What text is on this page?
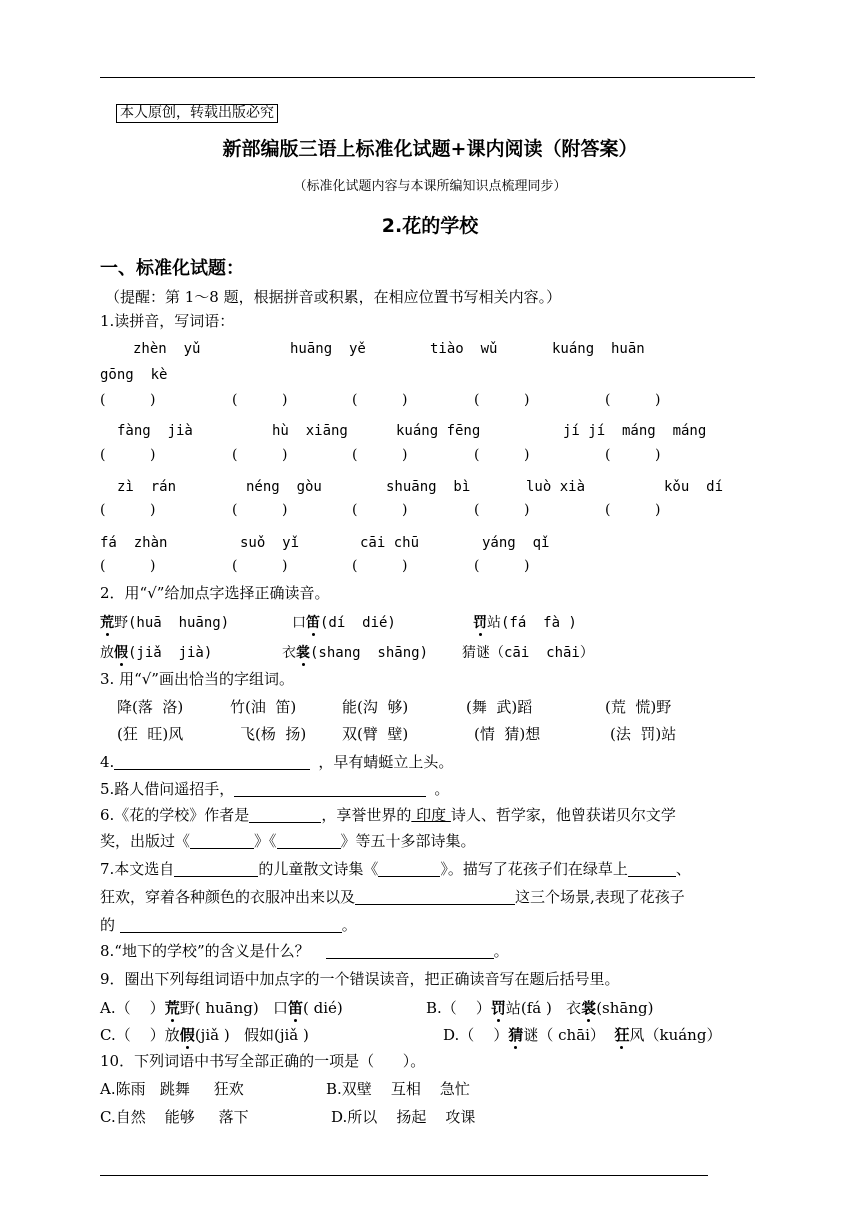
本人原创，转载出版必究
新部编版三语上标准化试题+课内阅读（附答案）
（标准化试题内容与本课所编知识点梳理同步）
2.花的学校
一、标准化试题：
（提醒：第 1～8 题，根据拼音或积累，在相应位置书写相关内容。）
1.读拼音，写词语：
zhèn  yǔ	huāng  yě	tiào  wǔ	kuáng  huān
gōng  kè
(          )	(          )	(          )	(          )	(          )
fàng  jià	hù  xiāng	kuáng fēng	jí jí  máng  máng
(          )	(          )	(          )	(          )	(          )
zì  rán	néng  gòu	shuāng  bì	luò xià	kǒu  dí
(          )	(          )	(          )	(          )	(          )
fá  zhàn	suǒ  yǐ	cāi chū	yáng  qǐ
(          )	(          )	(          )	(          )
2．用“√”给加点字选择正确读音。
荒野(huā  huāng)	口笛(dí  dié)	罚站(fá  fà )
放假(jiǎ  jià)	衣裳(shang  shāng) 猜谜（cāi  chāi）
3. 用“√”画出恰当的字组词。
降(落  洛)	竹(油  笛)	能(沟  够)	(舞  武)蹈	(荒  慌)野
(狂  旺)风	飞(杨  扬) 双(臂  壁)	(情  猜)想	(法  罚)站
4.	，早有蜻蜓立上头。
5.路人借问遥招手，	。
6.《花的学校》作者是	，享誉世界的 印度 诗人、哲学家，他曾获诺贝尔文学
奖，出版过《	》《	》等五十多部诗集。
7.本文选自	的儿童散文诗集《	》。描写了花孩子们在绿草上	、
狂欢，穿着各种颜色的衣服冲出来以及	这三个场景,表现了花孩子
的	。
8.“地下的学校”的含义是什么？	。
9．圈出下列每组词语中加点字的一个错误读音，把正确读音写在题后括号里。
A.（    ）荒野( huāng)   口笛( dié)	B.（    ）罚站(fá )   衣裳(shāng)
C.（    ）放假(jiǎ )   假如(jiǎ )	D.（    ）猜谜（ chāi）  狂风（kuáng）
10．下列词语中书写全部正确的一项是（      ）。
A.陈雨   跳舞     狂欢	B.双壁    互相    急忙
C.自然    能够     落下	D.所以    扬起    攻课
